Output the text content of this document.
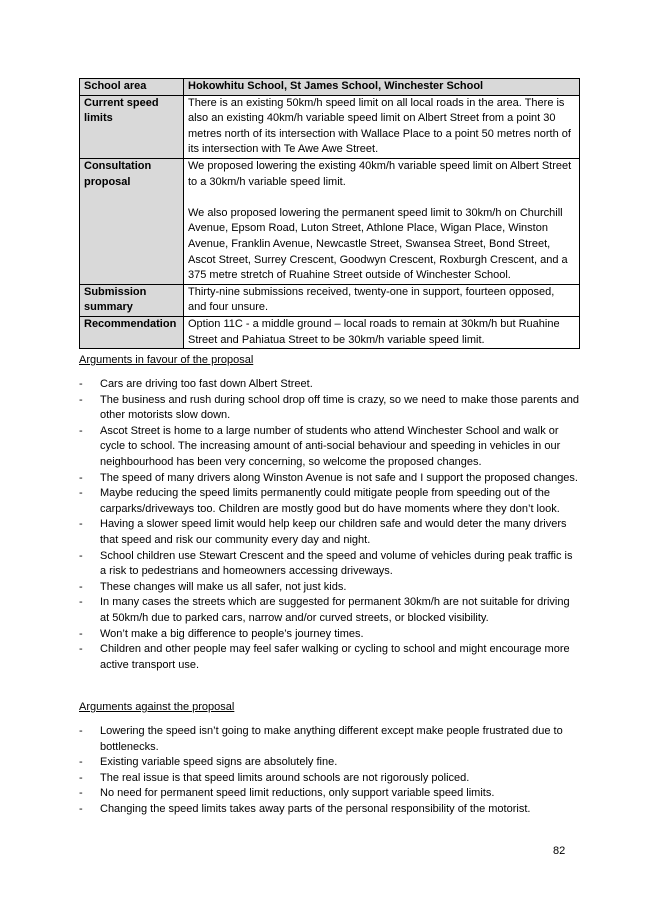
School area	Hokowhitu School, St James School, Winchester School
Current speed limits	There is an existing 50km/h speed limit on all local roads in the area. There is also an existing 40km/h variable speed limit on Albert Street from a point 30 metres north of its intersection with Wallace Place to a point 50 metres north of its intersection with Te Awe Awe Street.

Consultation proposal	We proposed lowering the existing 40km/h variable speed limit on Albert Street to a 30km/h variable speed limit.

We also proposed lowering the permanent speed limit to 30km/h on Churchill Avenue, Epsom Road, Luton Street, Athlone Place, Wigan Place, Winston Avenue, Franklin Avenue, Newcastle Street, Swansea Street, Bond Street, Ascot Street, Surrey Crescent, Goodwyn Crescent, Roxburgh Crescent, and a 375 metre stretch of Ruahine Street outside of Winchester School.

Submission summary	Thirty-nine submissions received, twenty-one in support, fourteen opposed, and four unsure.

Recommendation	Option 11C - a middle ground – local roads to remain at 30km/h but Ruahine Street and Pahiatua Street to be 30km/h variable speed limit.

Arguments in favour of the proposal
- Cars are driving too fast down Albert Street.
- The business and rush during school drop off time is crazy, so we need to make those parents and other motorists slow down.
- Ascot Street is home to a large number of students who attend Winchester School and walk or cycle to school. The increasing amount of anti-social behaviour and speeding in vehicles in our neighbourhood has been very concerning, so welcome the proposed changes.
- The speed of many drivers along Winston Avenue is not safe and I support the proposed changes.
- Maybe reducing the speed limits permanently could mitigate people from speeding out of the carparks/driveways too. Children are mostly good but do have moments where they don’t look.
- Having a slower speed limit would help keep our children safe and would deter the many drivers that speed and risk our community every day and night.
- School children use Stewart Crescent and the speed and volume of vehicles during peak traffic is a risk to pedestrians and homeowners accessing driveways.
- These changes will make us all safer, not just kids.
- In many cases the streets which are suggested for permanent 30km/h are not suitable for driving at 50km/h due to parked cars, narrow and/or curved streets, or blocked visibility.
- Won’t make a big difference to people’s journey times.
- Children and other people may feel safer walking or cycling to school and might encourage more active transport use.
Arguments against the proposal
- Lowering the speed isn’t going to make anything different except make people frustrated due to bottlenecks.
- Existing variable speed signs are absolutely fine.
- The real issue is that speed limits around schools are not rigorously policed.
- No need for permanent speed limit reductions, only support variable speed limits.
- Changing the speed limits takes away parts of the personal responsibility of the motorist.
82
